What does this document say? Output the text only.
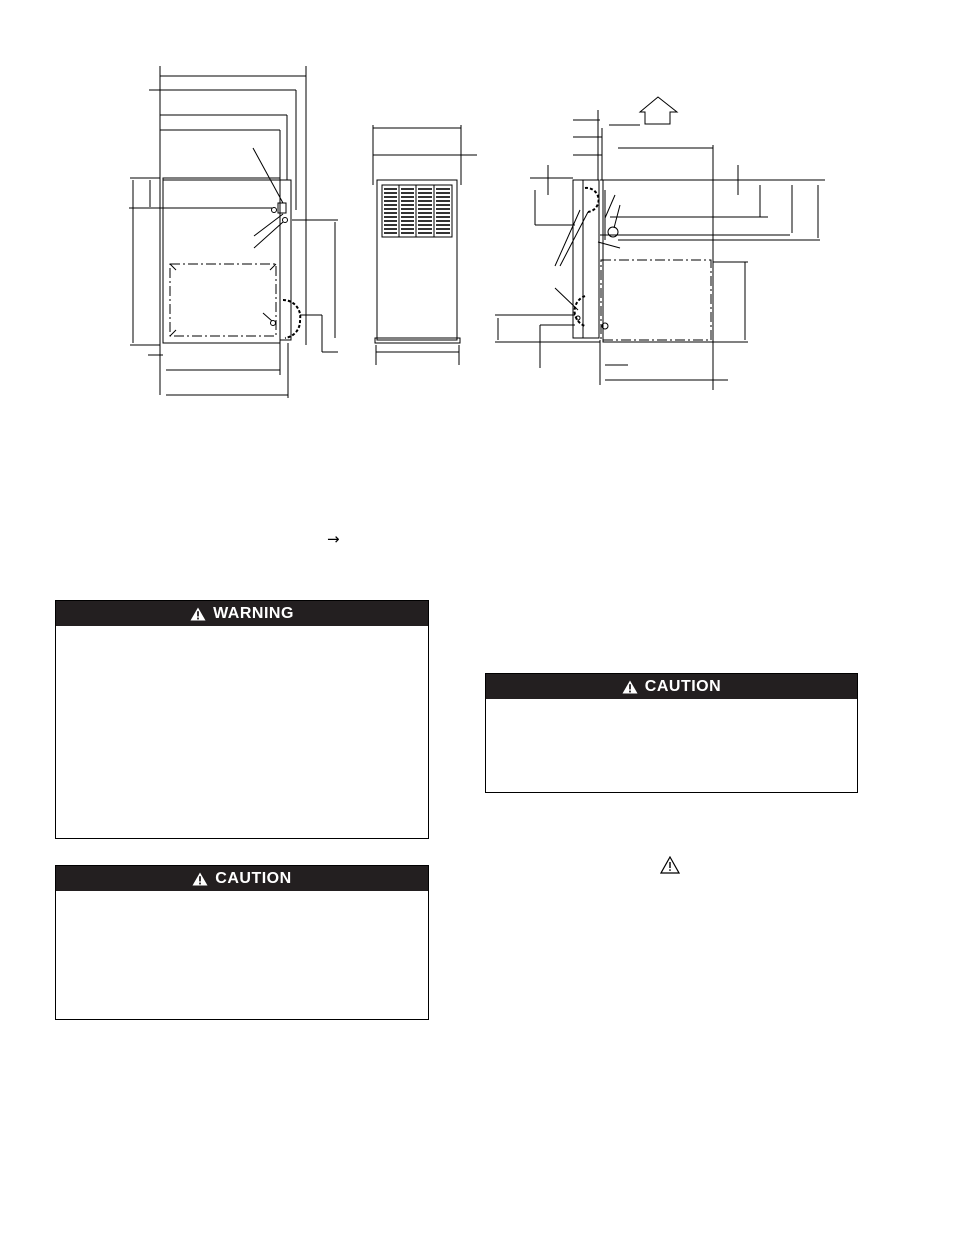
→
WARNING
CAUTION
CAUTION
